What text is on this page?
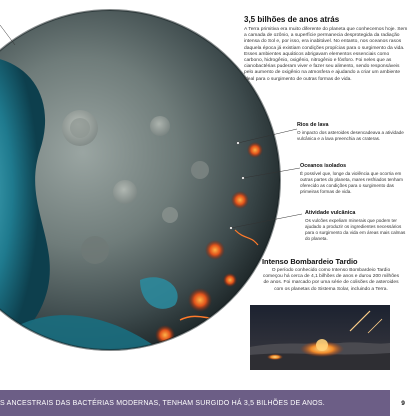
3,5 bilhões de anos atrás
A Terra primitiva era muito diferente do planeta que conhecemos hoje. Sem a camada de ozônio, a superfície permanecia desprotegida da radiação intensa do Sol e, por isso, era inabitável. No entanto, nos oceanos rasos daquela época já existiam condições propícias para o surgimento da vida. Esses ambientes aquáticos abrigavam elementos essenciais como carbono, hidrogênio, oxigênio, nitrogênio e fósforo. Foi neles que as cianobactérias puderam viver e fazer seu alimento, sendo responsáveis pelo aumento de oxigênio na atmosfera e ajudando a criar um ambiente ideal para o surgimento de outras formas de vida.
Rios de lava
O impacto dos asteroides desencadeava a atividade vulcânica e a lava preenchia as crateras.
Oceanos isolados
É possível que, longe da violência que ocorria em outras partes do planeta, mares resfriados tenham oferecido as condições para o surgimento das primeiras formas de vida.
Atividade vulcânica
Os vulcões expeliam minerais que podem ter ajudado a produzir os ingredientes necessários para o surgimento da vida em áreas mais calmas do planeta.
Intenso Bombardeio Tardio
O período conhecido como Intenso Bombardeio Tardio começou há cerca de 4,1 bilhões de anos e durou 200 milhões de anos. Foi marcado por uma série de colisões de asteroides com os planetas do Sistema Solar, incluindo a Terra.
S ANCESTRAIS DAS BACTÉRIAS MODERNAS, TENHAM SURGIDO HÁ 3,5 BILHÕES DE ANOS.	9
